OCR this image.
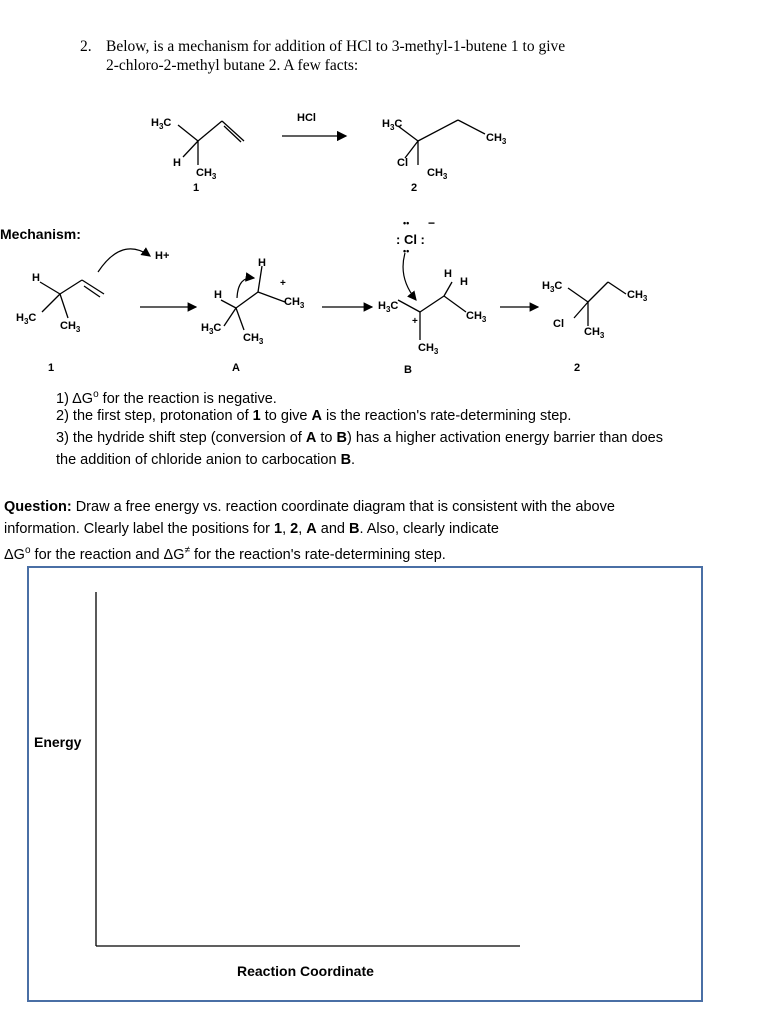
2. Below, is a mechanism for addition of HCl to 3-methyl-1-butene 1 to give
2-chloro-2-methyl butane 2. A few facts:
$H_3C$
H
$CH_3$
1
HCl	$H_3C$
$CH_3$
Cl
$CH_3$
2
Mechanism:
H+
: Cl :
−
••
••
H
$H_3C$
$CH_3$
1
H
H
+
$CH_3$
$H_3C$
$CH_3$
A
$H_3C$
H
H
+	$CH_3$
$CH_3$
B
$H_3C$
$CH_3$
Cl
$CH_3$
2
1) $\Delta G^o$ for the reaction is negative.
2) the first step, protonation of 1 to give A is the reaction's rate-determining step.
3) the hydride shift step (conversion of A to B) has a higher activation energy barrier than does
the addition of chloride anion to carbocation B.
Question: Draw a free energy vs. reaction coordinate diagram that is consistent with the above
information. Clearly label the positions for 1, 2, A and B. Also, clearly indicate
$\Delta G^o$ for the reaction and ΔG≠ for the reaction's rate-determining step.
Energy
Reaction Coordinate
